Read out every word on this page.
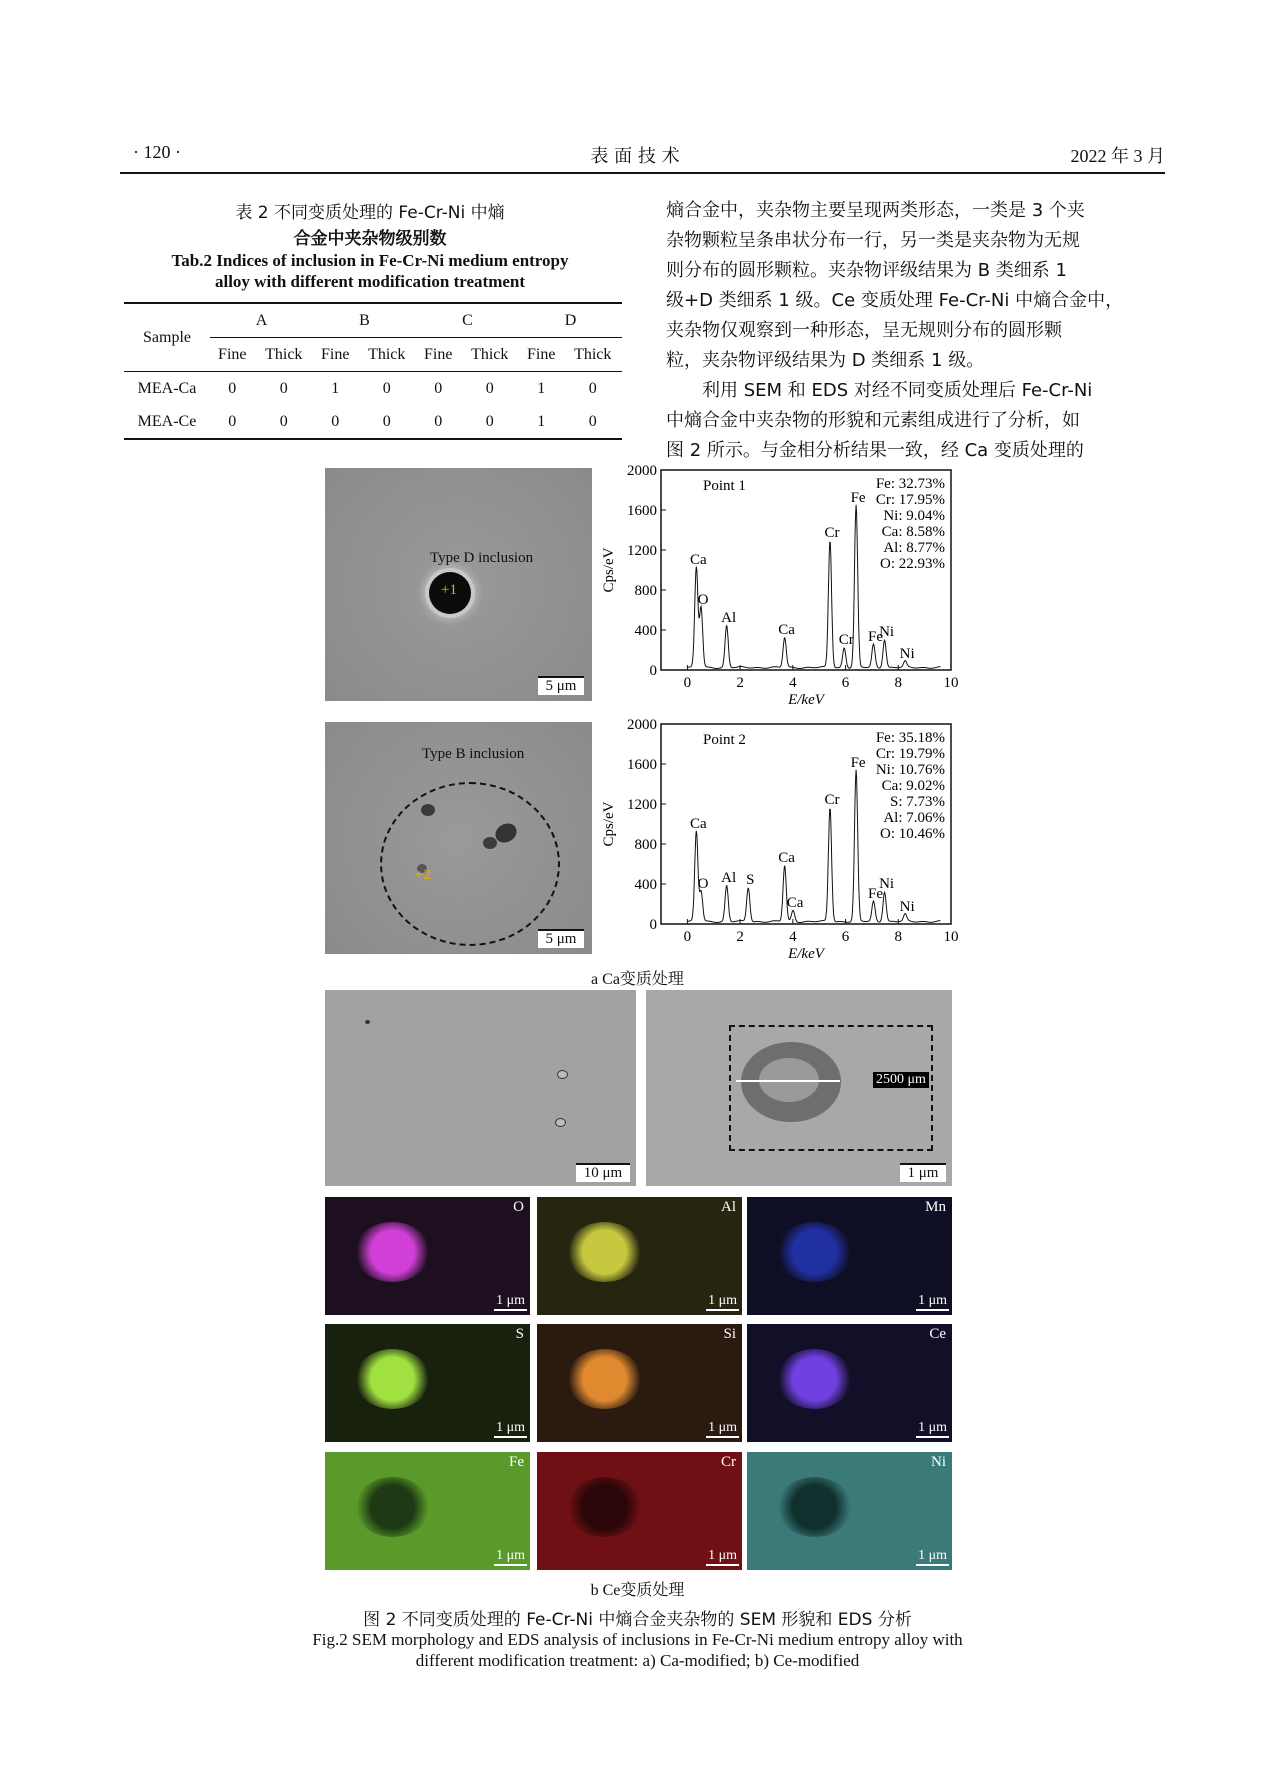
· 120 ·	表 面 技 术	2022 年 3 月
表 2 不同变质处理的 Fe-Cr-Ni 中熵
合金中夹杂物级别数
Tab.2 Indices of inclusion in Fe-Cr-Ni medium entropy
alloy with different modification treatment
Sample	A		B		C		D	
	Fine	Thick	Fine	Thick	Fine	Thick	Fine	Thick
MEA-Ca	0	0	1	0	0	0	1	0
MEA-Ce	0	0	0	0	0	0	1	0
熵合金中，夹杂物主要呈现两类形态，一类是 3 个夹
杂物颗粒呈条串状分布一行，另一类是夹杂物为无规
则分布的圆形颗粒。夹杂物评级结果为 B 类细系 1
级+D 类细系 1 级。Ce 变质处理 Fe-Cr-Ni 中熵合金中，
夹杂物仅观察到一种形态，呈无规则分布的圆形颗
粒，夹杂物评级结果为 D 类细系 1 级。
利用 SEM 和 EDS 对经不同变质处理后 Fe-Cr-Ni
中熵合金中夹杂物的形貌和元素组成进行了分析，如
图 2 所示。与金相分析结果一致，经 Ca 变质处理的
+1
Type D inclusion
5 μm
+2
Type B inclusion
5 μm
0
400
800
1200
1600
2000
0	2	4	6	8	10
E/keV
Cps/eV
Point 1
Ca
O
Al
Ca
Cr
Cr
Fe
Fe
Ni
Ni
Fe: 32.73%
Cr: 17.95%
Ni: 9.04%
Ca: 8.58%
Al: 8.77%
O: 22.93%
0
400
800
1200
1600
2000
0	2	4	6	8	10
E/keV
Cps/eV
Point 2
Ca
O Al S
Ca
Ca
Cr
Fe
Fe
Ni
Ni
Fe: 35.18%
Cr: 19.79%
Ni: 10.76%
Ca: 9.02%
S: 7.73%
Al: 7.06%
O: 10.46%
a Ca变质处理
10 μm
2500 μm
1 μm
O
1 μm
Al
1 μm
Mn
1 μm
S
1 μm
Si
1 μm
Ce
1 μm
Fe
1 μm
Cr
1 μm
Ni
1 μm
b Ce变质处理
图 2 不同变质处理的 Fe-Cr-Ni 中熵合金夹杂物的 SEM 形貌和 EDS 分析
Fig.2 SEM morphology and EDS analysis of inclusions in Fe-Cr-Ni medium entropy alloy with
different modification treatment: a) Ca-modified; b) Ce-modified
